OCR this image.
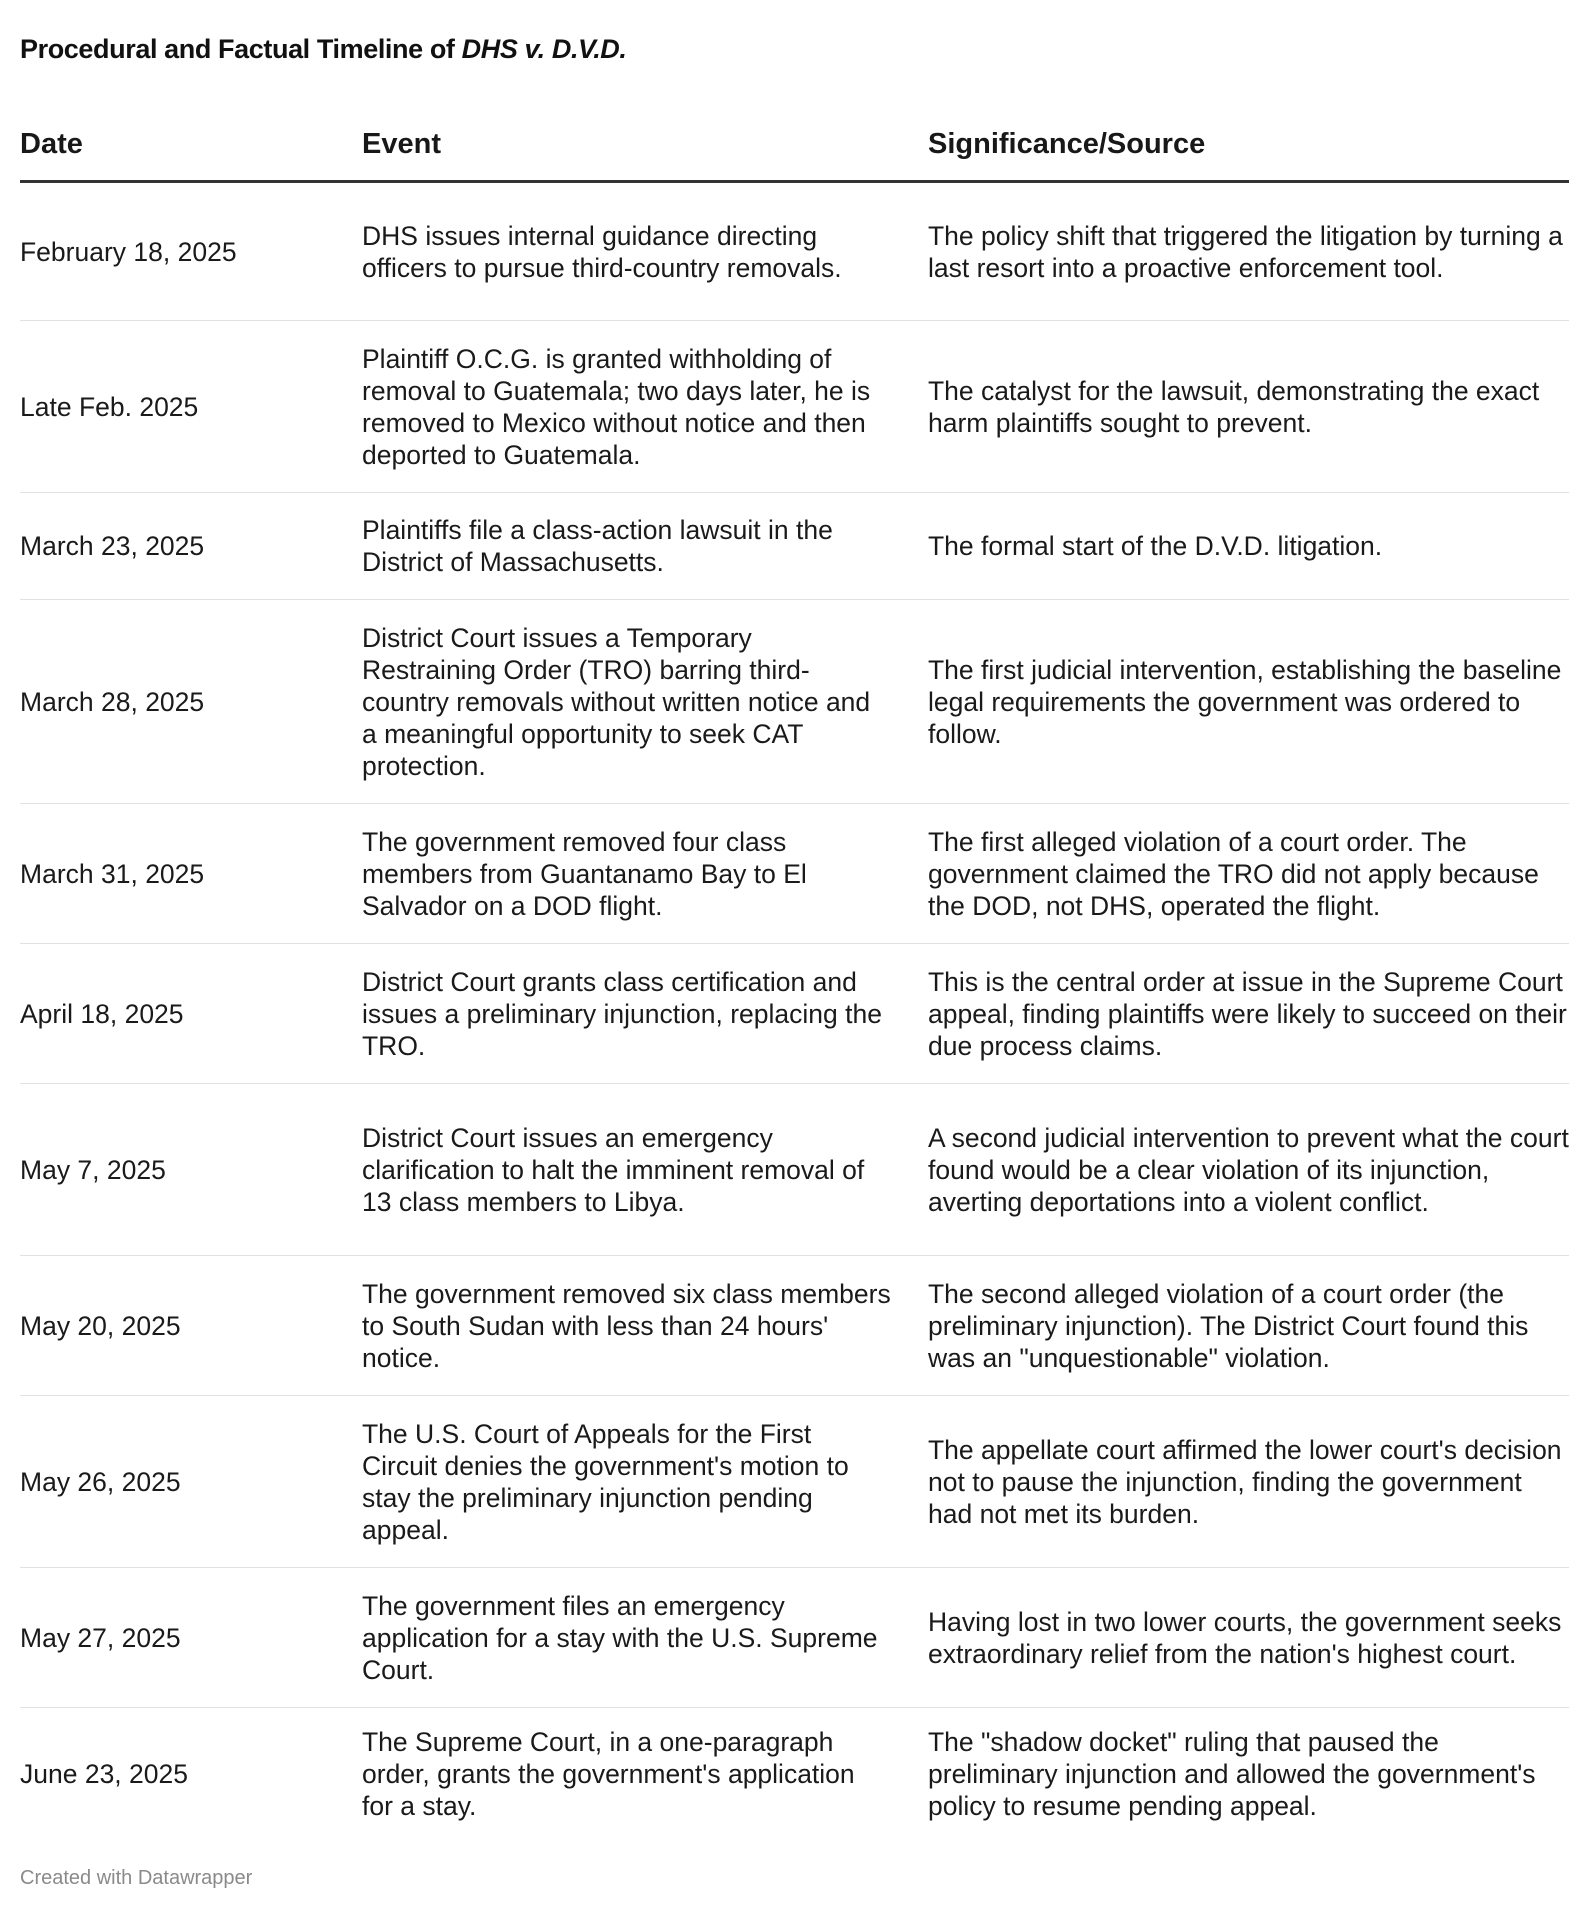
Procedural and Factual Timeline of DHS v. D.V.D.
Date	Event	Significance/Source
February 18, 2025
DHS issues internal guidance directing officers to pursue third-country removals.
The policy shift that triggered the litigation by turning a last resort into a proactive enforcement tool.
Late Feb. 2025
Plaintiff O.C.G. is granted withholding of removal to Guatemala; two days later, he is removed to Mexico without notice and then deported to Guatemala.
The catalyst for the lawsuit, demonstrating the exact harm plaintiffs sought to prevent.
March 23, 2025
Plaintiffs file a class-action lawsuit in the District of Massachusetts.
The formal start of the D.V.D. litigation.
March 28, 2025
District Court issues a Temporary Restraining Order (TRO) barring third-country removals without written notice and a meaningful opportunity to seek CAT protection.
The first judicial intervention, establishing the baseline legal requirements the government was ordered to follow.
March 31, 2025
The government removed four class members from Guantanamo Bay to El Salvador on a DOD flight.
The first alleged violation of a court order. The government claimed the TRO did not apply because the DOD, not DHS, operated the flight.
April 18, 2025
District Court grants class certification and issues a preliminary injunction, replacing the TRO.
This is the central order at issue in the Supreme Court appeal, finding plaintiffs were likely to succeed on their due process claims.
May 7, 2025
District Court issues an emergency clarification to halt the imminent removal of 13 class members to Libya.
A second judicial intervention to prevent what the court found would be a clear violation of its injunction, averting deportations into a violent conflict.
May 20, 2025
The government removed six class members to South Sudan with less than 24 hours' notice.
The second alleged violation of a court order (the preliminary injunction). The District Court found this was an "unquestionable" violation.
May 26, 2025
The U.S. Court of Appeals for the First Circuit denies the government's motion to stay the preliminary injunction pending appeal.
The appellate court affirmed the lower court's decision not to pause the injunction, finding the government had not met its burden.
May 27, 2025
The government files an emergency application for a stay with the U.S. Supreme Court.
Having lost in two lower courts, the government seeks extraordinary relief from the nation's highest court.
June 23, 2025
The Supreme Court, in a one-paragraph order, grants the government's application for a stay.
The "shadow docket" ruling that paused the preliminary injunction and allowed the government's policy to resume pending appeal.
Created with Datawrapper
